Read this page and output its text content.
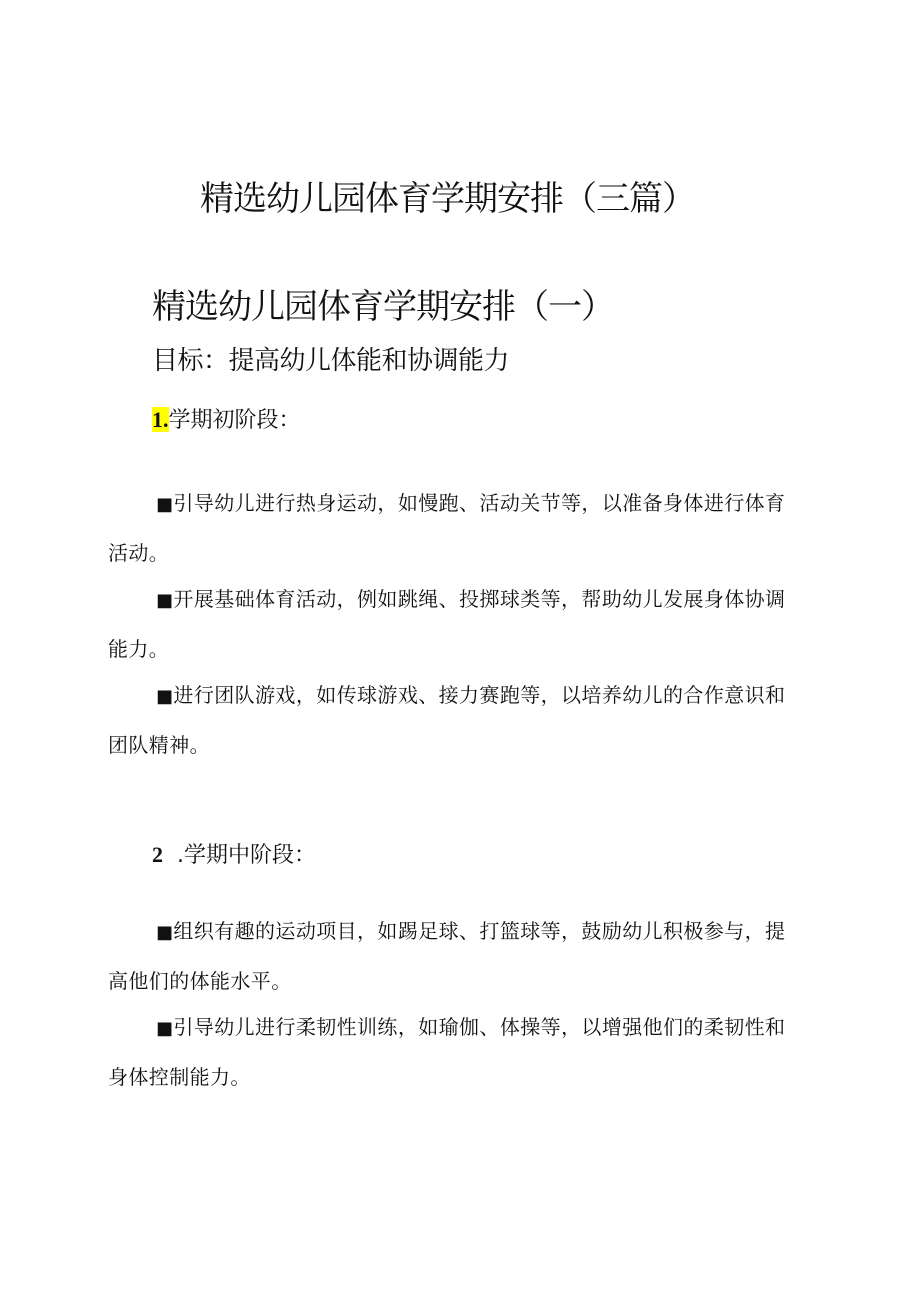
精选幼儿园体育学期安排（三篇）
精选幼儿园体育学期安排（一）

目标：提高幼儿体能和协调能力

1.学期初阶段：

■引导幼儿进行热身运动，如慢跑、活动关节等，以准备身体进行体育活动。

■开展基础体育活动，例如跳绳、投掷球类等，帮助幼儿发展身体协调能力。

■进行团队游戏，如传球游戏、接力赛跑等，以培养幼儿的合作意识和团队精神。

2 .学期中阶段：

■组织有趣的运动项目，如踢足球、打篮球等，鼓励幼儿积极参与，提高他们的体能水平。

■引导幼儿进行柔韧性训练，如瑜伽、体操等，以增强他们的柔韧性和身体控制能力。
